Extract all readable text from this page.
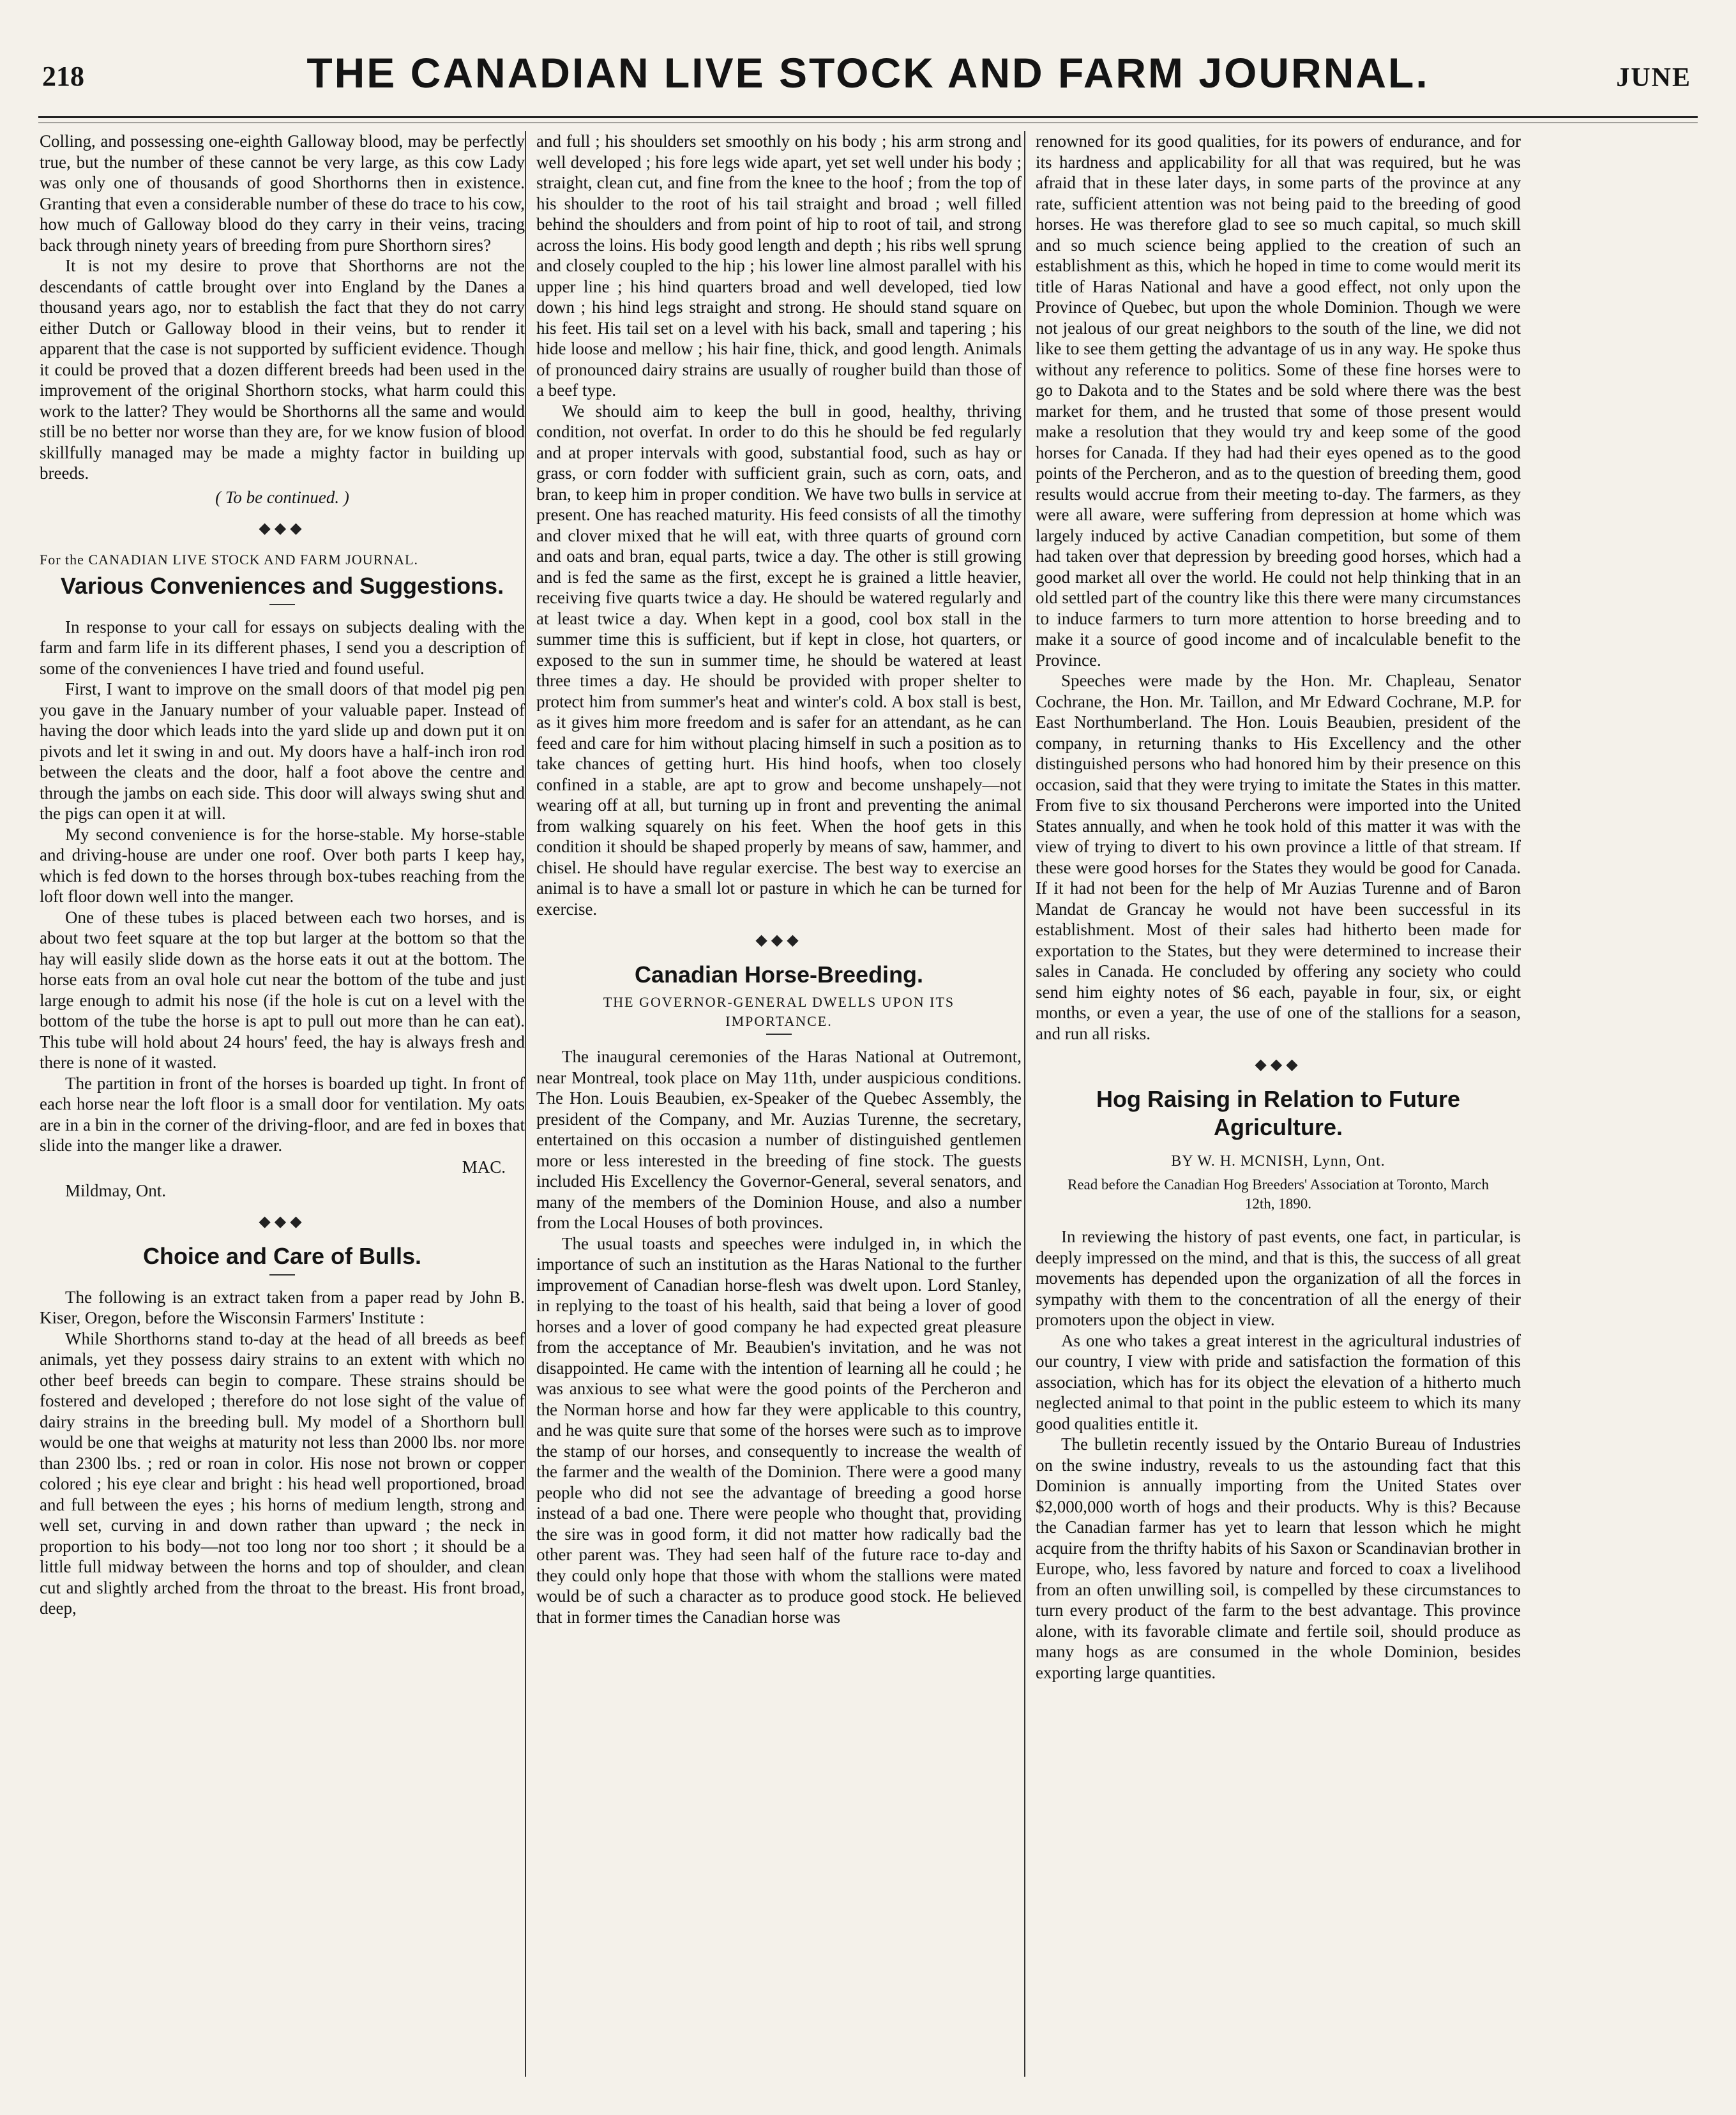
218	THE CANADIAN LIVE STOCK AND FARM JOURNAL.	JUNE

Colling, and possessing one-eighth Galloway blood, may be perfectly true, but the number of these cannot be very large, as this cow Lady was only one of thousands of good Shorthorns then in existence. Granting that even a considerable number of these do trace to his cow, how much of Galloway blood do they carry in their veins, tracing back through ninety years of breeding from pure Shorthorn sires?

It is not my desire to prove that Shorthorns are not the descendants of cattle brought over into England by the Danes a thousand years ago, nor to establish the fact that they do not carry either Dutch or Galloway blood in their veins, but to render it apparent that the case is not supported by sufficient evidence. Though it could be proved that a dozen different breeds had been used in the improvement of the original Shorthorn stocks, what harm could this work to the latter? They would be Shorthorns all the same and would still be no better nor worse than they are, for we know fusion of blood skillfully managed may be made a mighty factor in building up breeds.

( To be continued. )
◆◆◆
For the CANADIAN LIVE STOCK AND FARM JOURNAL.
Various Conveniences and Suggestions.

In response to your call for essays on subjects dealing with the farm and farm life in its different phases, I send you a description of some of the conveniences I have tried and found useful.

First, I want to improve on the small doors of that model pig pen you gave in the January number of your valuable paper. Instead of having the door which leads into the yard slide up and down put it on pivots and let it swing in and out. My doors have a half-inch iron rod between the cleats and the door, half a foot above the centre and through the jambs on each side. This door will always swing shut and the pigs can open it at will.

My second convenience is for the horse-stable. My horse-stable and driving-house are under one roof. Over both parts I keep hay, which is fed down to the horses through box-tubes reaching from the loft floor down well into the manger.

One of these tubes is placed between each two horses, and is about two feet square at the top but larger at the bottom so that the hay will easily slide down as the horse eats it out at the bottom. The horse eats from an oval hole cut near the bottom of the tube and just large enough to admit his nose (if the hole is cut on a level with the bottom of the tube the horse is apt to pull out more than he can eat). This tube will hold about 24 hours' feed, the hay is always fresh and there is none of it wasted.

The partition in front of the horses is boarded up tight. In front of each horse near the loft floor is a small door for ventilation. My oats are in a bin in the corner of the driving-floor, and are fed in boxes that slide into the manger like a drawer.

MAC.
Mildmay, Ont.
◆◆◆
Choice and Care of Bulls.

The following is an extract taken from a paper read by John B. Kiser, Oregon, before the Wisconsin Farmers' Institute :

While Shorthorns stand to-day at the head of all breeds as beef animals, yet they possess dairy strains to an extent with which no other beef breeds can begin to compare. These strains should be fostered and developed ; therefore do not lose sight of the value of dairy strains in the breeding bull. My model of a Shorthorn bull would be one that weighs at maturity not less than 2000 lbs. nor more than 2300 lbs. ; red or roan in color. His nose not brown or copper colored ; his eye clear and bright : his head well proportioned, broad and full between the eyes ; his horns of medium length, strong and well set, curving in and down rather than upward ; the neck in proportion to his body—not too long nor too short ; it should be a little full midway between the horns and top of shoulder, and clean cut and slightly arched from the throat to the breast. His front broad, deep,

and full ; his shoulders set smoothly on his body ; his arm strong and well developed ; his fore legs wide apart, yet set well under his body ; straight, clean cut, and fine from the knee to the hoof ; from the top of his shoulder to the root of his tail straight and broad ; well filled behind the shoulders and from point of hip to root of tail, and strong across the loins. His body good length and depth ; his ribs well sprung and closely coupled to the hip ; his lower line almost parallel with his upper line ; his hind quarters broad and well developed, tied low down ; his hind legs straight and strong. He should stand square on his feet. His tail set on a level with his back, small and tapering ; his hide loose and mellow ; his hair fine, thick, and good length. Animals of pronounced dairy strains are usually of rougher build than those of a beef type.

We should aim to keep the bull in good, healthy, thriving condition, not overfat. In order to do this he should be fed regularly and at proper intervals with good, substantial food, such as hay or grass, or corn fodder with sufficient grain, such as corn, oats, and bran, to keep him in proper condition. We have two bulls in service at present. One has reached maturity. His feed consists of all the timothy and clover mixed that he will eat, with three quarts of ground corn and oats and bran, equal parts, twice a day. The other is still growing and is fed the same as the first, except he is grained a little heavier, receiving five quarts twice a day. He should be watered regularly and at least twice a day. When kept in a good, cool box stall in the summer time this is sufficient, but if kept in close, hot quarters, or exposed to the sun in summer time, he should be watered at least three times a day. He should be provided with proper shelter to protect him from summer's heat and winter's cold. A box stall is best, as it gives him more freedom and is safer for an attendant, as he can feed and care for him without placing himself in such a position as to take chances of getting hurt. His hind hoofs, when too closely confined in a stable, are apt to grow and become unshapely—not wearing off at all, but turning up in front and preventing the animal from walking squarely on his feet. When the hoof gets in this condition it should be shaped properly by means of saw, hammer, and chisel. He should have regular exercise. The best way to exercise an animal is to have a small lot or pasture in which he can be turned for exercise.

◆◆◆
Canadian Horse-Breeding.
THE GOVERNOR-GENERAL DWELLS UPON ITS IMPORTANCE.

The inaugural ceremonies of the Haras National at Outremont, near Montreal, took place on May 11th, under auspicious conditions. The Hon. Louis Beaubien, ex-Speaker of the Quebec Assembly, the president of the Company, and Mr. Auzias Turenne, the secretary, entertained on this occasion a number of distinguished gentlemen more or less interested in the breeding of fine stock. The guests included His Excellency the Governor-General, several senators, and many of the members of the Dominion House, and also a number from the Local Houses of both provinces.

The usual toasts and speeches were indulged in, in which the importance of such an institution as the Haras National to the further improvement of Canadian horse-flesh was dwelt upon. Lord Stanley, in replying to the toast of his health, said that being a lover of good horses and a lover of good company he had expected great pleasure from the acceptance of Mr. Beaubien's invitation, and he was not disappointed. He came with the intention of learning all he could ; he was anxious to see what were the good points of the Percheron and the Norman horse and how far they were applicable to this country, and he was quite sure that some of the horses were such as to improve the stamp of our horses, and consequently to increase the wealth of the farmer and the wealth of the Dominion. There were a good many people who did not see the advantage of breeding a good horse instead of a bad one. There were people who thought that, providing the sire was in good form, it did not matter how radically bad the other parent was. They had seen half of the future race to-day and they could only hope that those with whom the stallions were mated would be of such a character as to produce good stock. He believed that in former times the Canadian horse was

renowned for its good qualities, for its powers of endurance, and for its hardness and applicability for all that was required, but he was afraid that in these later days, in some parts of the province at any rate, sufficient attention was not being paid to the breeding of good horses. He was therefore glad to see so much capital, so much skill and so much science being applied to the creation of such an establishment as this, which he hoped in time to come would merit its title of Haras National and have a good effect, not only upon the Province of Quebec, but upon the whole Dominion. Though we were not jealous of our great neighbors to the south of the line, we did not like to see them getting the advantage of us in any way. He spoke thus without any reference to politics. Some of these fine horses were to go to Dakota and to the States and be sold where there was the best market for them, and he trusted that some of those present would make a resolution that they would try and keep some of the good horses for Canada. If they had had their eyes opened as to the good points of the Percheron, and as to the question of breeding them, good results would accrue from their meeting to-day. The farmers, as they were all aware, were suffering from depression at home which was largely induced by active Canadian competition, but some of them had taken over that depression by breeding good horses, which had a good market all over the world. He could not help thinking that in an old settled part of the country like this there were many circumstances to induce farmers to turn more attention to horse breeding and to make it a source of good income and of incalculable benefit to the Province.

Speeches were made by the Hon. Mr. Chapleau, Senator Cochrane, the Hon. Mr. Taillon, and Mr Edward Cochrane, M.P. for East Northumberland. The Hon. Louis Beaubien, president of the company, in returning thanks to His Excellency and the other distinguished persons who had honored him by their presence on this occasion, said that they were trying to imitate the States in this matter. From five to six thousand Percherons were imported into the United States annually, and when he took hold of this matter it was with the view of trying to divert to his own province a little of that stream. If these were good horses for the States they would be good for Canada. If it had not been for the help of Mr Auzias Turenne and of Baron Mandat de Grancay he would not have been successful in its establishment. Most of their sales had hitherto been made for exportation to the States, but they were determined to increase their sales in Canada. He concluded by offering any society who could send him eighty notes of $6 each, payable in four, six, or eight months, or even a year, the use of one of the stallions for a season, and run all risks.

◆◆◆
Hog Raising in Relation to Future Agriculture.
BY W. H. MCNISH, Lynn, Ont.
Read before the Canadian Hog Breeders' Association at Toronto, March 12th, 1890.

In reviewing the history of past events, one fact, in particular, is deeply impressed on the mind, and that is this, the success of all great movements has depended upon the organization of all the forces in sympathy with them to the concentration of all the energy of their promoters upon the object in view.

As one who takes a great interest in the agricultural industries of our country, I view with pride and satisfaction the formation of this association, which has for its object the elevation of a hitherto much neglected animal to that point in the public esteem to which its many good qualities entitle it.

The bulletin recently issued by the Ontario Bureau of Industries on the swine industry, reveals to us the astounding fact that this Dominion is annually importing from the United States over $2,000,000 worth of hogs and their products. Why is this? Because the Canadian farmer has yet to learn that lesson which he might acquire from the thrifty habits of his Saxon or Scandinavian brother in Europe, who, less favored by nature and forced to coax a livelihood from an often unwilling soil, is compelled by these circumstances to turn every product of the farm to the best advantage. This province alone, with its favorable climate and fertile soil, should produce as many hogs as are consumed in the whole Dominion, besides exporting large quantities.
